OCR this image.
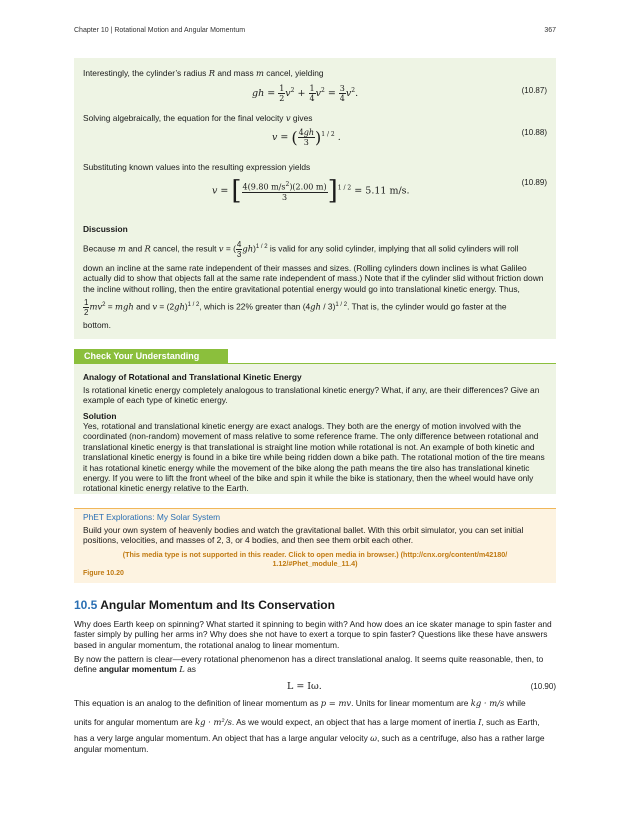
Chapter 10 | Rotational Motion and Angular Momentum	367
Interestingly, the cylinder’s radius R and mass m cancel, yielding
gh = $\frac{1}{2} v^2 + \frac{1}{4} v^2 = \frac{3}{4} v^2$.	(10.87)
Solving algebraically, the equation for the final velocity v gives
v = ( $\frac{4gh}{3} )^{1 / 2}$ .	(10.88)
Substituting known values into the resulting expression yields
v = [ $\frac{4(9.80 m/s^2)(2.00 m)}{3} ]^{1 / 2} = 5.11$ m/s.
(10.89)
Discussion
Because m and R cancel, the result v = ( $\frac{4}{3} gh)^{1 / 2}$ is valid for any solid cylinder, implying that all solid cylinders will roll
down an incline at the same rate independent of their masses and sizes. (Rolling cylinders down inclines is what Galileo actually did to show that objects fall at the same rate independent of mass.) Note that if the cylinder slid without friction down the incline without rolling, then the entire gravitational potential energy would go into translational kinetic energy. Thus,
$\frac{1}{2} mv^2$ = mgh and $v = (2gh)^{1 / 2}$, which is 22% greater than (4gh / 3)$^{1 / 2}$. That is, the cylinder would go faster at the
bottom.
Check Your Understanding
Analogy of Rotational and Translational Kinetic Energy
Is rotational kinetic energy completely analogous to translational kinetic energy? What, if any, are their differences? Give an example of each type of kinetic energy.
Solution
Yes, rotational and translational kinetic energy are exact analogs. They both are the energy of motion involved with the coordinated (non-random) movement of mass relative to some reference frame. The only difference between rotational and translational kinetic energy is that translational is straight line motion while rotational is not. An example of both kinetic and translational kinetic energy is found in a bike tire while being ridden down a bike path. The rotational motion of the tire means it has rotational kinetic energy while the movement of the bike along the path means the tire also has translational kinetic energy. If you were to lift the front wheel of the bike and spin it while the bike is stationary, then the wheel would have only rotational kinetic energy relative to the Earth.
PhET Explorations: My Solar System
Build your own system of heavenly bodies and watch the gravitational ballet. With this orbit simulator, you can set initial positions, velocities, and masses of 2, 3, or 4 bodies, and then see them orbit each other.
(This media type is not supported in this reader. Click to open media in browser.) (http://cnx.org/content/m42180/
1.12/#Phet_module_11.4)
Figure 10.20
10.5 Angular Momentum and Its Conservation
Why does Earth keep on spinning? What started it spinning to begin with? And how does an ice skater manage to spin faster and faster simply by pulling her arms in? Why does she not have to exert a torque to spin faster? Questions like these have answers based in angular momentum, the rotational analog to linear momentum.
By now the pattern is clear—every rotational phenomenon has a direct translational analog. It seems quite reasonable, then, to define angular momentum L as
L = Iω.	(10.90)
This equation is an analog to the definition of linear momentum as p = mv. Units for linear momentum are kg · m/s while
units for angular momentum are kg · m²/s. As we would expect, an object that has a large moment of inertia I, such as Earth,
has a very large angular momentum. An object that has a large angular velocity ω, such as a centrifuge, also has a rather large
angular momentum.
